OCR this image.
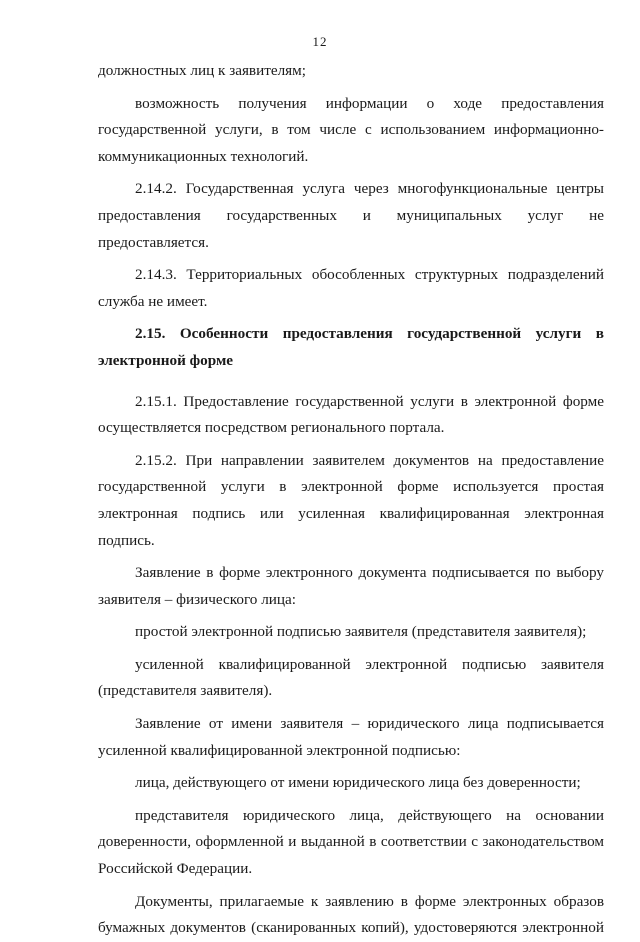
12

должностных лиц к заявителям;

возможность получения информации о ходе предоставления государственной услуги, в том числе с использованием информационно-коммуникационных технологий.

2.14.2. Государственная услуга через многофункциональные центры предоставления государственных и муниципальных услуг не предоставляется.

2.14.3. Территориальных обособленных структурных подразделений служба не имеет.

2.15. Особенности предоставления государственной услуги в электронной форме

2.15.1. Предоставление государственной услуги в электронной форме осуществляется посредством регионального портала.

2.15.2. При направлении заявителем документов на предоставление государственной услуги в электронной форме используется простая электронная подпись или усиленная квалифицированная электронная подпись.

Заявление в форме электронного документа подписывается по выбору заявителя – физического лица:

простой электронной подписью заявителя (представителя заявителя);

усиленной квалифицированной электронной подписью заявителя (представителя заявителя).

Заявление от имени заявителя – юридического лица подписывается усиленной квалифицированной электронной подписью:

лица, действующего от имени юридического лица без доверенности;

представителя юридического лица, действующего на основании доверенности, оформленной и выданной в соответствии с законодательством Российской Федерации.

Документы, прилагаемые к заявлению в форме электронных образов бумажных документов (сканированных копий), удостоверяются электронной
